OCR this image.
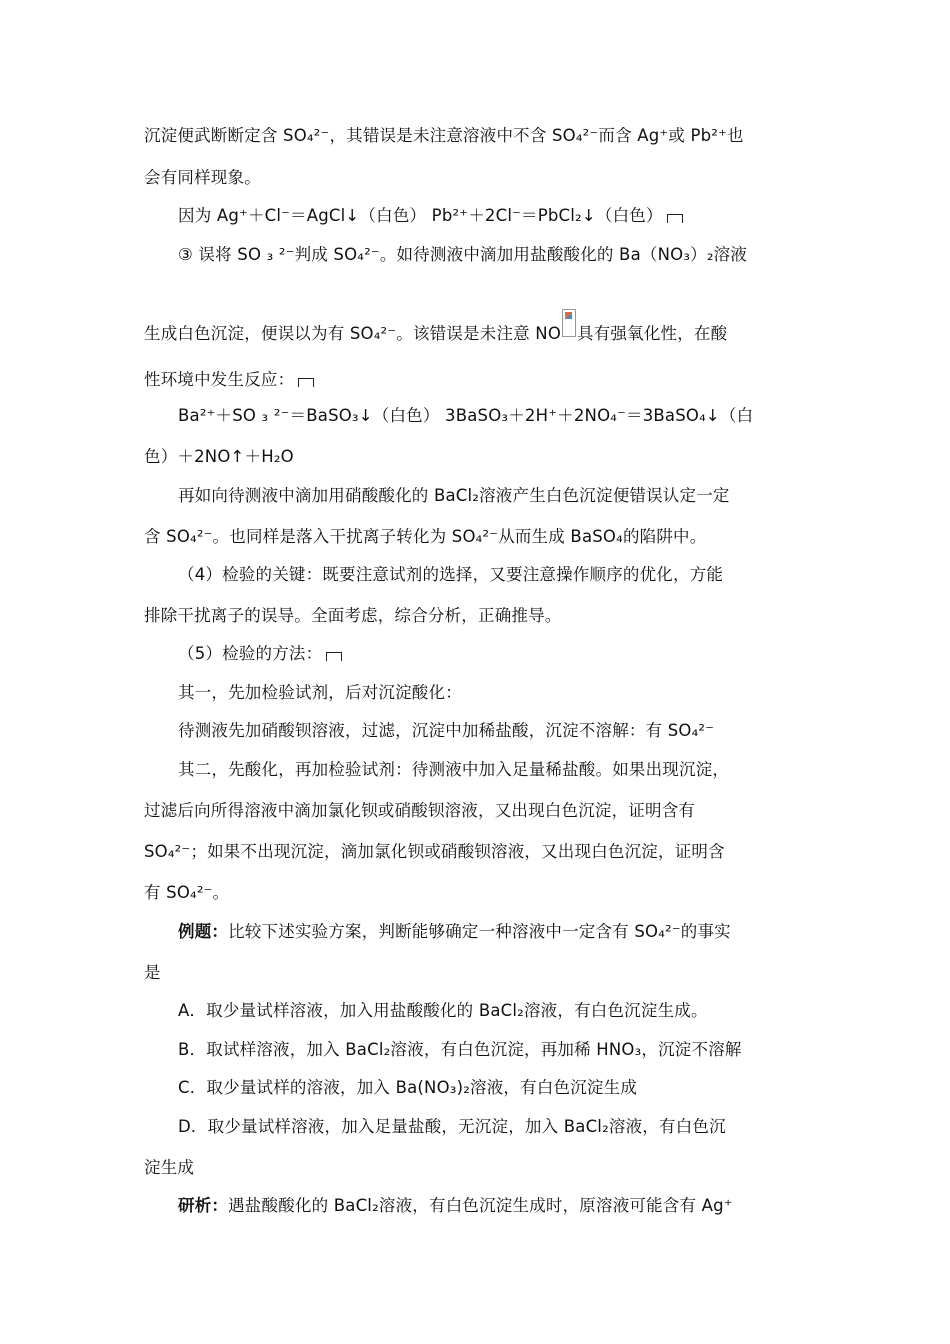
沉淀便武断断定含 SO₄²⁻，其错误是未注意溶液中不含 SO₄²⁻而含 Ag⁺或 Pb²⁺也
会有同样现象。
因为 Ag⁺＋Cl⁻＝AgCl↓（白色） Pb²⁺＋2Cl⁻＝PbCl₂↓（白色）
③ 误将 SO ₃ ²⁻判成 SO₄²⁻。如待测液中滴加用盐酸酸化的 Ba（NO₃）₂溶液
生成白色沉淀，便误以为有 SO₄²⁻。该错误是未注意 NO 具有强氧化性，在酸
性环境中发生反应：
Ba²⁺＋SO ₃ ²⁻＝BaSO₃↓（白色） 3BaSO₃＋2H⁺＋2NO₄⁻＝3BaSO₄↓（白
色）＋2NO↑＋H₂O
再如向待测液中滴加用硝酸酸化的 BaCl₂溶液产生白色沉淀便错误认定一定
含 SO₄²⁻。也同样是落入干扰离子转化为 SO₄²⁻从而生成 BaSO₄的陷阱中。
（4）检验的关键：既要注意试剂的选择，又要注意操作顺序的优化，方能
排除干扰离子的误导。全面考虑，综合分析，正确推导。
（5）检验的方法：
其一，先加检验试剂，后对沉淀酸化：
待测液先加硝酸钡溶液，过滤，沉淀中加稀盐酸，沉淀不溶解：有 SO₄²⁻
其二，先酸化，再加检验试剂：待测液中加入足量稀盐酸。如果出现沉淀，
过滤后向所得溶液中滴加氯化钡或硝酸钡溶液，又出现白色沉淀，证明含有
SO₄²⁻；如果不出现沉淀，滴加氯化钡或硝酸钡溶液，又出现白色沉淀，证明含
有 SO₄²⁻。
例题：比较下述实验方案，判断能够确定一种溶液中一定含有 SO₄²⁻的事实
是
A．取少量试样溶液，加入用盐酸酸化的 BaCl₂溶液，有白色沉淀生成。
B．取试样溶液，加入 BaCl₂溶液，有白色沉淀，再加稀 HNO₃，沉淀不溶解
C．取少量试样的溶液，加入 Ba(NO₃)₂溶液，有白色沉淀生成
D．取少量试样溶液，加入足量盐酸，无沉淀，加入 BaCl₂溶液，有白色沉
淀生成
研析：遇盐酸酸化的 BaCl₂溶液，有白色沉淀生成时，原溶液可能含有 Ag⁺
